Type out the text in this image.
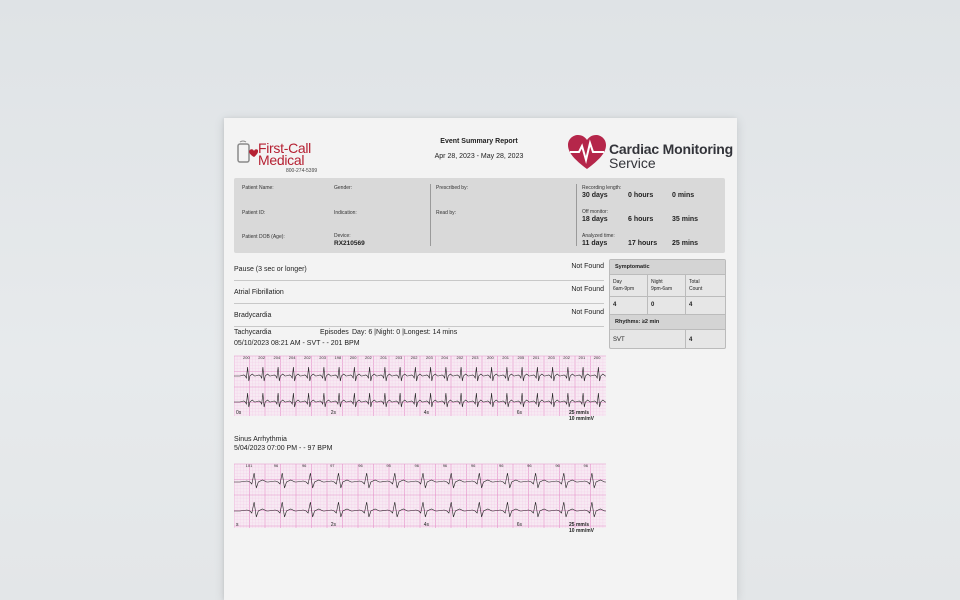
First-Call
Medical
800-274-5399
Event Summary Report
Apr 28, 2023 - May 28, 2023	Cardiac Monitoring
Service
Patient Name:
Patient ID:
Patient DOB (Age):
Gender:
Indication:
Device:
RX210569
Prescribed by:
Read by:
Recording length:
30 days	0 hours	0 mins
Off monitor:
18 days	6 hours	35 mins
Analyzed time:
11 days	17 hours 25 mins
Pause (3 sec or longer)	Not Found
Atrial Fibrillation	Not Found
Bradycardia	Not Found
Symptomatic
Day
6am-9pm
Night
9pm-6am
Total
Count
4	0	4
Rhythms: ≥2 min
SVT	4
Tachycardia	Episodes Day: 6 |Night: 0 |Longest: 14 mins
05/10/2023 08:21 AM - SVT - - 201 BPM
200 202 204 204 202 203 198 200 202 201 203 202 203 204 202 203 200 201 205 201 203 202 201 200
0s	2s	4s	6s	25 mm/s
10 mm/mV
Sinus Arrhythmia
5/04/2023 07:00 PM - - 97 BPM
101	96	96	97	96	95	96	96	96	96	96	96	96
s	2s	4s	6s	25 mm/s
10 mm/mV
